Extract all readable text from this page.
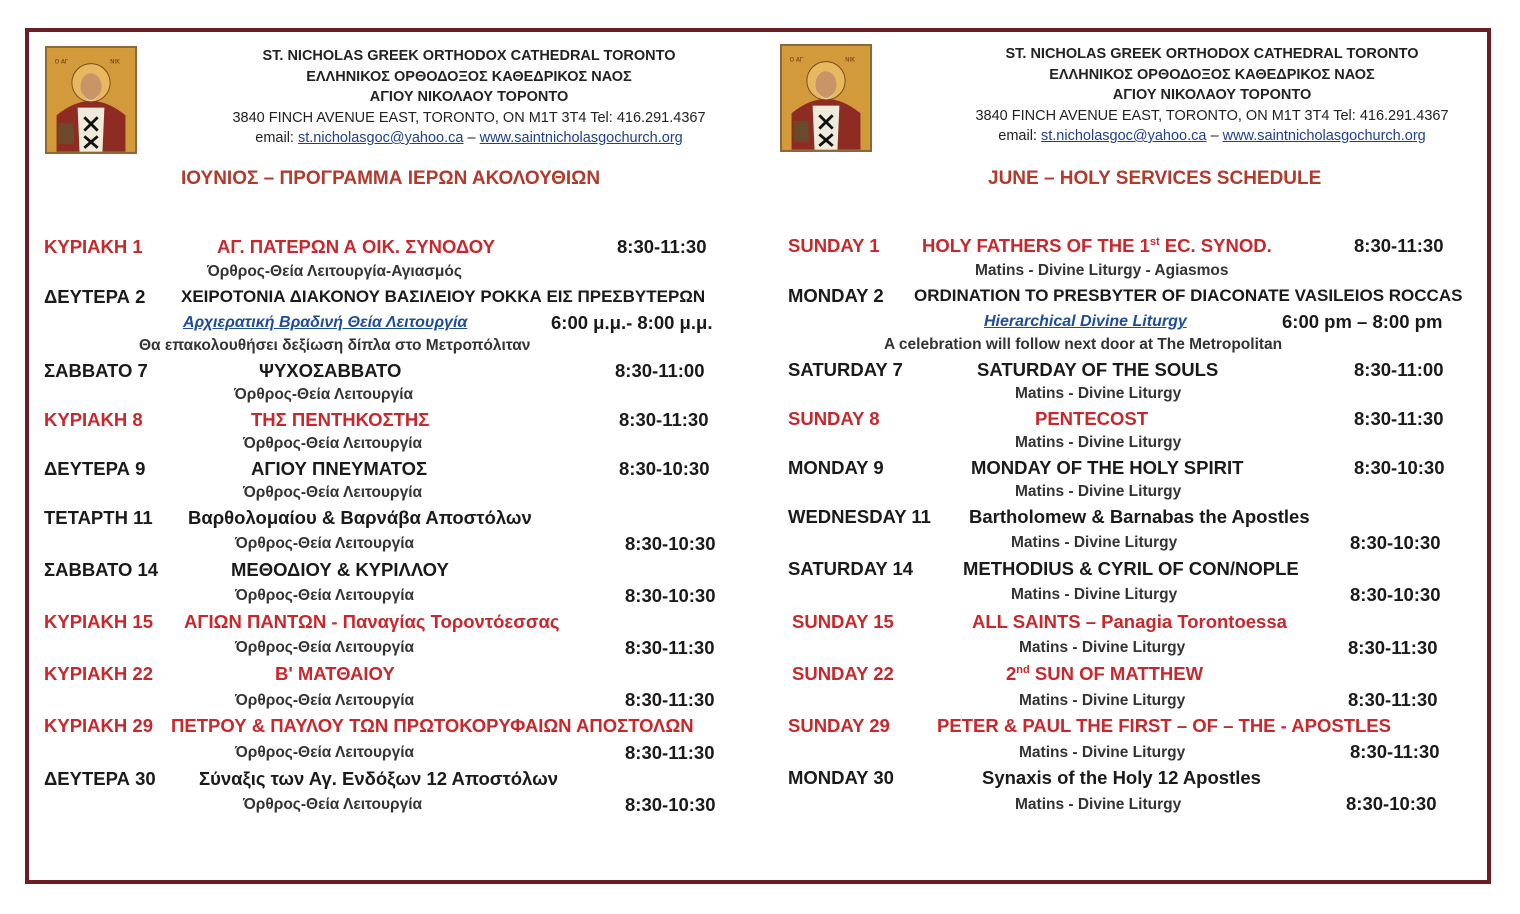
Ο ΑΓ	ΝΙΚ	ST. NICHOLAS GREEK ORTHODOX CATHEDRAL TORONTO
ΕΛΛΗΝΙΚΟΣ ΟΡΘΟΔΟΞΟΣ ΚΑΘΕΔΡΙΚΟΣ ΝΑΟΣ
ΑΓΙΟΥ ΝΙΚΟΛΑΟΥ ΤΟΡΟΝΤΟ
3840 FINCH AVENUE EAST, TORONTO, ON M1T 3T4 Tel: 416.291.4367
email: st.nicholasgoc@yahoo.ca – www.saintnicholasgochurch.org
ΙΟΥΝΙΟΣ – ΠΡΟΓΡΑΜΜΑ ΙΕΡΩΝ ΑΚΟΛΟΥΘΙΩΝ
ΚΥΡΙΑΚΗ 1	ΑΓ. ΠΑΤΕΡΩΝ Α ΟΙΚ. ΣΥΝΟΔΟΥ	8:30-11:30
Όρθρος-Θεία Λειτουργία-Αγιασμός
ΔΕΥΤΕΡΑ 2 ΧΕΙΡΟΤΟΝΙΑ ΔΙΑΚΟΝΟΥ ΒΑΣΙΛΕΙΟΥ ΡΟΚΚΑ ΕΙΣ ΠΡΕΣΒΥΤΕΡΩΝ
Αρχιερατική Βραδινή Θεία Λειτουργία	6:00 μ.μ.- 8:00 μ.μ.
Θα επακολουθήσει δεξίωση δίπλα στο Μετροπόλιταν
ΣΑΒΒΑΤΟ 7	ΨΥΧΟΣΑΒΒΑΤΟ	8:30-11:00
Όρθρος-Θεία Λειτουργία
ΚΥΡΙΑΚΗ 8	ΤΗΣ ΠΕΝΤΗΚΟΣΤΗΣ	8:30-11:30
Όρθρος-Θεία Λειτουργία
ΔΕΥΤΕΡΑ 9	ΑΓΙΟΥ ΠΝΕΥΜΑΤΟΣ	8:30-10:30
Όρθρος-Θεία Λειτουργία
ΤΕΤΑΡΤΗ 11 Βαρθολομαίου & Βαρνάβα Αποστόλων
Όρθρος-Θεία Λειτουργία	8:30-10:30
ΣΑΒΒΑΤΟ 14	ΜΕΘΟΔΙΟΥ & ΚΥΡΙΛΛΟΥ
Όρθρος-Θεία Λειτουργία	8:30-10:30
ΚΥΡΙΑΚΗ 15 ΑΓΙΩΝ ΠΑΝΤΩΝ - Παναγίας Τοροντόεσσας
Όρθρος-Θεία Λειτουργία	8:30-11:30
ΚΥΡΙΑΚΗ 22	Β' ΜΑΤΘΑΙΟΥ
Όρθρος-Θεία Λειτουργία	8:30-11:30
ΚΥΡΙΑΚΗ 29 ΠΕΤΡΟΥ & ΠΑΥΛΟΥ ΤΩΝ ΠΡΩΤΟΚΟΡΥΦΑΙΩΝ ΑΠΟΣΤΟΛΩΝ
Όρθρος-Θεία Λειτουργία	8:30-11:30
ΔΕΥΤΕΡΑ 30 Σύναξις των Αγ. Ενδόξων 12 Αποστόλων
Όρθρος-Θεία Λειτουργία	8:30-10:30
Ο ΑΓ	ΝΙΚ	ST. NICHOLAS GREEK ORTHODOX CATHEDRAL TORONTO
ΕΛΛΗΝΙΚΟΣ ΟΡΘΟΔΟΞΟΣ ΚΑΘΕΔΡΙΚΟΣ ΝΑΟΣ
ΑΓΙΟΥ ΝΙΚΟΛΑΟΥ ΤΟΡΟΝΤΟ
3840 FINCH AVENUE EAST, TORONTO, ON M1T 3T4 Tel: 416.291.4367
email: st.nicholasgoc@yahoo.ca – www.saintnicholasgochurch.org
JUNE – HOLY SERVICES SCHEDULE
SUNDAY 1 HOLY FATHERS OF THE 1st EC. SYNOD.	8:30-11:30
Matins - Divine Liturgy - Agiasmos
MONDAY 2 ORDINATION TO PRESBYTER OF DIACONATE VASILEIOS ROCCAS
Hierarchical Divine Liturgy	6:00 pm – 8:00 pm
A celebration will follow next door at The Metropolitan
SATURDAY 7	SATURDAY OF THE SOULS	8:30-11:00
Matins - Divine Liturgy
SUNDAY 8	PENTECOST	8:30-11:30
Matins - Divine Liturgy
MONDAY 9	MONDAY OF THE HOLY SPIRIT	8:30-10:30
Matins - Divine Liturgy
WEDNESDAY 11 Bartholomew & Barnabas the Apostles
Matins - Divine Liturgy	8:30-10:30
SATURDAY 14	METHODIUS & CYRIL OF CON/NOPLE
Matins - Divine Liturgy	8:30-10:30
SUNDAY 15	ALL SAINTS – Panagia Torontoessa
Matins - Divine Liturgy	8:30-11:30
SUNDAY 22	2nd SUN OF MATTHEW
Matins - Divine Liturgy	8:30-11:30
SUNDAY 29	PETER & PAUL THE FIRST – OF – THE - APOSTLES
Matins - Divine Liturgy	8:30-11:30
MONDAY 30	Synaxis of the Holy 12 Apostles
Matins - Divine Liturgy	8:30-10:30
